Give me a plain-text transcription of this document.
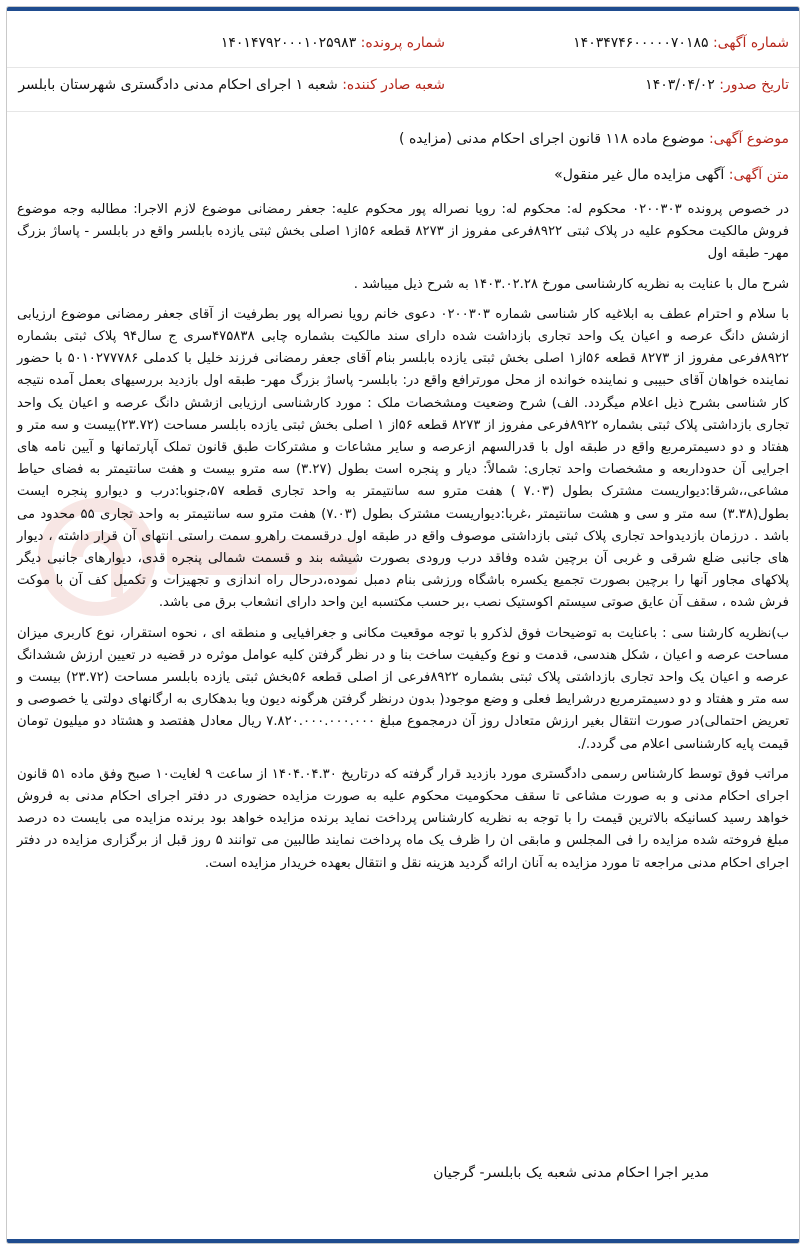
شماره آگهی: ۱۴۰۳۴۷۴۶۰۰۰۰۰۷۰۱۸۵
شماره پرونده: ۱۴۰۱۴۷۹۲۰۰۰۱۰۲۵۹۸۳
تاریخ صدور: ۱۴۰۳/۰۴/۰۲
شعبه صادر کننده: شعبه ۱ اجرای احکام مدنی دادگستری شهرستان بابلسر
موضوع آگهی: موضوع ماده ۱۱۸ قانون اجرای احکام مدنی (مزایده )
متن آگهی: آگهی مزایده مال غیر منقول»

در خصوص پرونده ۰۲۰۰۳۰۳ محکوم له: محکوم له: رویا نصراله پور محکوم علیه: جعفر رمضانی موضوع لازم الاجرا: مطالبه وجه موضوع فروش مالکیت محکوم علیه در پلاک ثبتی ۸۹۲۲فرعی مفروز از ۸۲۷۳ قطعه ۵۶از۱ اصلی بخش ثبتی یازده بابلسر واقع در بابلسر - پاساژ بزرگ مهر- طبقه اول

شرح مال با عنایت به نظریه کارشناسی مورخ ۱۴۰۳.۰۲.۲۸ به شرح ذیل میباشد .

با سلام و احترام عطف به ابلاغیه کار شناسی شماره ۰۲۰۰۳۰۳ دعوی خانم رویا نصراله پور بطرفیت از آقای جعفر رمضانی موضوع ارزیابی ازشش دانگ عرصه و اعیان یک واحد تجاری بازداشت شده دارای سند مالکیت بشماره چابی ۴۷۵۸۳۸سری ج سال۹۴ پلاک ثبتی بشماره ۸۹۲۲فرعی مفروز از ۸۲۷۳ قطعه ۵۶از۱ اصلی بخش ثبتی یازده بابلسر بنام آقای جعفر رمضانی فرزند خلیل با کدملی ۵۰۱۰۲۷۷۷۸۶ با حضور نماینده خواهان آقای حبیبی و نماینده خوانده از محل مورترافع واقع در: بابلسر- پاساژ بزرگ مهر- طبقه اول بازدید بررسیهای بعمل آمده نتیجه کار شناسی بشرح ذیل اعلام میگردد. الف) شرح وضعیت ومشخصات ملک : مورد کارشناسی ارزیابی ازشش دانگ عرصه و اعیان یک واحد تجاری بازداشتی پلاک ثبتی بشماره ۸۹۲۲فرعی مفروز از ۸۲۷۳ قطعه ۵۶از ۱ اصلی بخش ثبتی یازده بابلسر مساحت (۲۳.۷۲)بیست و سه متر و هفتاد و دو دسیمترمربع واقع در طبقه اول با قدرالسهم ازعرصه و سایر مشاعات و مشترکات طبق قانون تملک آپارتمانها و آیین نامه های اجرایی آن حدوداربعه و مشخصات واحد تجاری: شمالاً: دیار و پنجره است بطول (۳.۲۷) سه مترو بیست و هفت سانتیمتر به فضای حیاط مشاعی،،شرقا:دیواریست مشترک بطول (۷.۰۳ ) هفت مترو سه سانتیمتر به واحد تجاری قطعه ۵۷،جنوبا:درب و دیوارو پنجره ایست بطول(۳.۳۸) سه متر و سی و هشت سانتیمتر ،غربا:دیواریست مشترک بطول (۷.۰۳) هفت مترو سه سانتیمتر به واحد تجاری ۵۵ محدود می باشد . درزمان بازدیدواحد تجاری پلاک ثبتی بازداشتی موصوف واقع در طبقه اول درقسمت راهرو سمت راستی انتهای آن قرار داشته ، دیوار های جانبی ضلع شرقی و غربی آن برچین شده وفاقد درب ورودی بصورت شیشه بند و قسمت شمالی پنجره قدی، دیوارهای جانبی دیگر پلاکهای مجاور آنها را برچین بصورت تجمیع یکسره باشگاه ورزشی بنام دمبل نموده،درحال راه اندازی و تجهیزات و تکمیل کف آن با موکت فرش شده ، سقف آن عایق صوتی سیستم اکوستیک نصب ،بر حسب مکتسبه این واحد دارای انشعاب برق می باشد.

ب)نظریه کارشنا سی : باعنایت به توضیحات فوق لذکرو با توجه موقعیت مکانی و جغرافیایی و منطقه ای ، نحوه استقرار، نوع کاربری میزان مساحت عرصه و اعیان ، شکل هندسی، قدمت و نوع وکیفیت ساخت بنا و در نظر گرفتن کلیه عوامل موثره در قضیه در تعیین ارزش ششدانگ عرصه و اعیان یک واحد تجاری بازداشتی پلاک ثبتی بشماره ۸۹۲۲فرعی از اصلی قطعه ۵۶بخش ثبتی یازده بابلسر مساحت (۲۳.۷۲) بیست و سه متر و هفتاد و دو دسیمترمربع درشرایط فعلی و وضع موجود( بدون درنظر گرفتن هرگونه دیون ویا بدهکاری به ارگانهای دولتی یا خصوصی و تعریض احتمالی)در صورت انتقال بغیر ارزش متعادل روز آن درمجموع مبلغ ۷.۸۲۰.۰۰۰.۰۰۰.۰۰۰ ریال معادل هفتصد و هشتاد دو میلیون تومان قیمت پایه کارشناسی اعلام می گردد./.

مراتب فوق توسط کارشناس رسمی دادگستری مورد بازدید قرار گرفته که درتاریخ ۱۴۰۴.۰۴.۳۰ از ساعت ۹ لغایت۱۰ صبح وفق ماده ۵۱ قانون اجرای احکام مدنی و به صورت مشاعی تا سقف محکومیت محکوم علیه به صورت مزایده حضوری در دفتر اجرای احکام مدنی به فروش خواهد رسید کسانیکه بالاترین قیمت را با توجه به نظریه کارشناس پرداخت نماید برنده مزایده خواهد بود برنده مزایده می بایست ده درصد مبلغ فروخته شده مزایده را فی المجلس و مابقی ان را ظرف یک ماه پرداخت نمایند طالبین می توانند ۵ روز قبل از برگزاری مزایده در دفتر اجرای احکام مدنی مراجعه تا مورد مزایده به آنان ارائه گردید هزینه نقل و انتقال بعهده خریدار مزایده است.

مدیر اجرا احکام مدنی شعبه یک بابلسر- گرجیان
